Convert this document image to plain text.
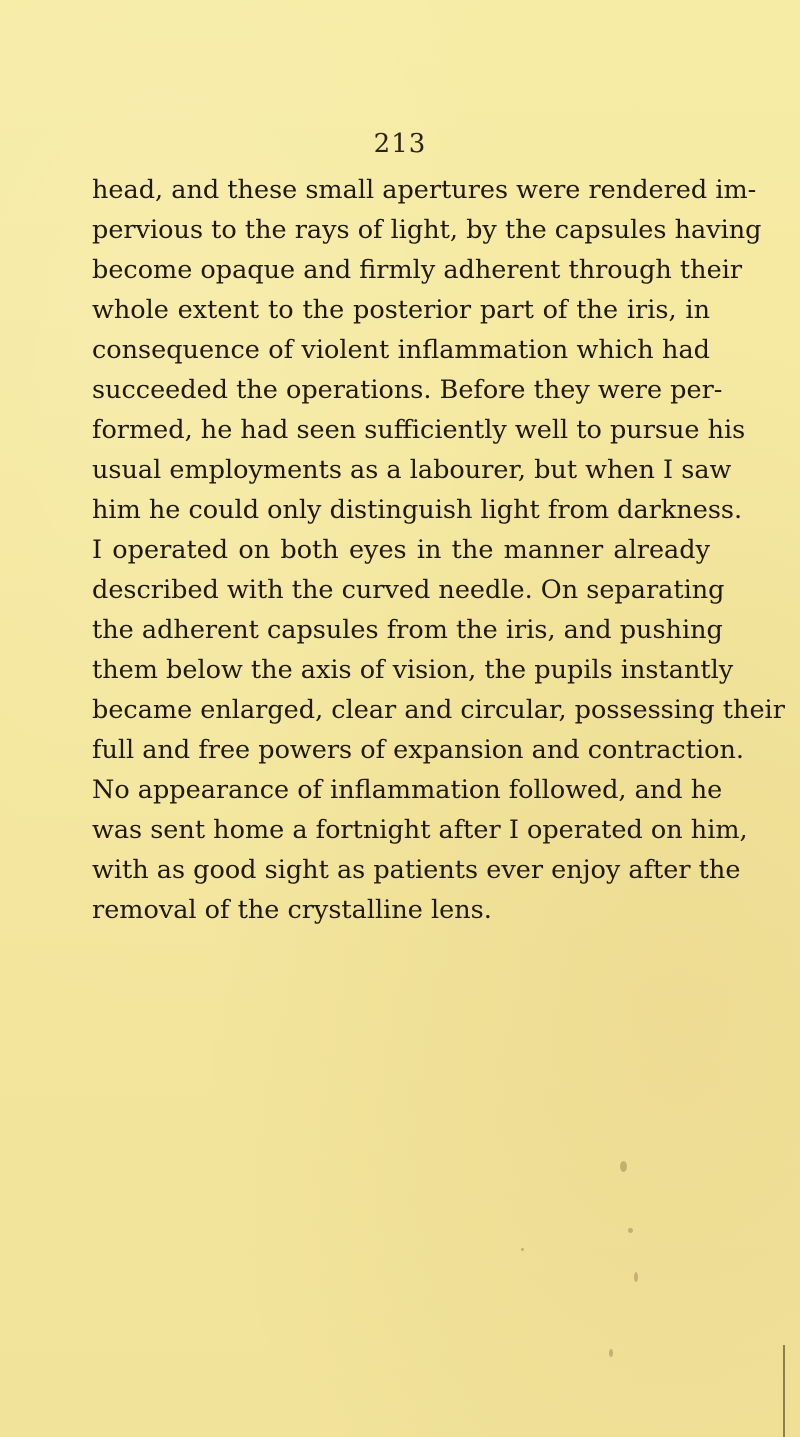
213
head, and these small apertures were rendered im-
pervious to the rays of light, by the capsules having
become opaque and firmly adherent through their
whole extent to the posterior part of the iris, in
consequence of violent inflammation which had
succeeded the operations. Before they were per-
formed, he had seen sufficiently well to pursue his
usual employments as a labourer, but when I saw
him he could only distinguish light from darkness.
I operated on both eyes in the manner already
described with the curved needle. On separating
the adherent capsules from the iris, and pushing
them below the axis of vision, the pupils instantly
became enlarged, clear and circular, possessing their
full and free powers of expansion and contraction.
No appearance of inflammation followed, and he
was sent home a fortnight after I operated on him,
with as good sight as patients ever enjoy after the
removal of the crystalline lens.
